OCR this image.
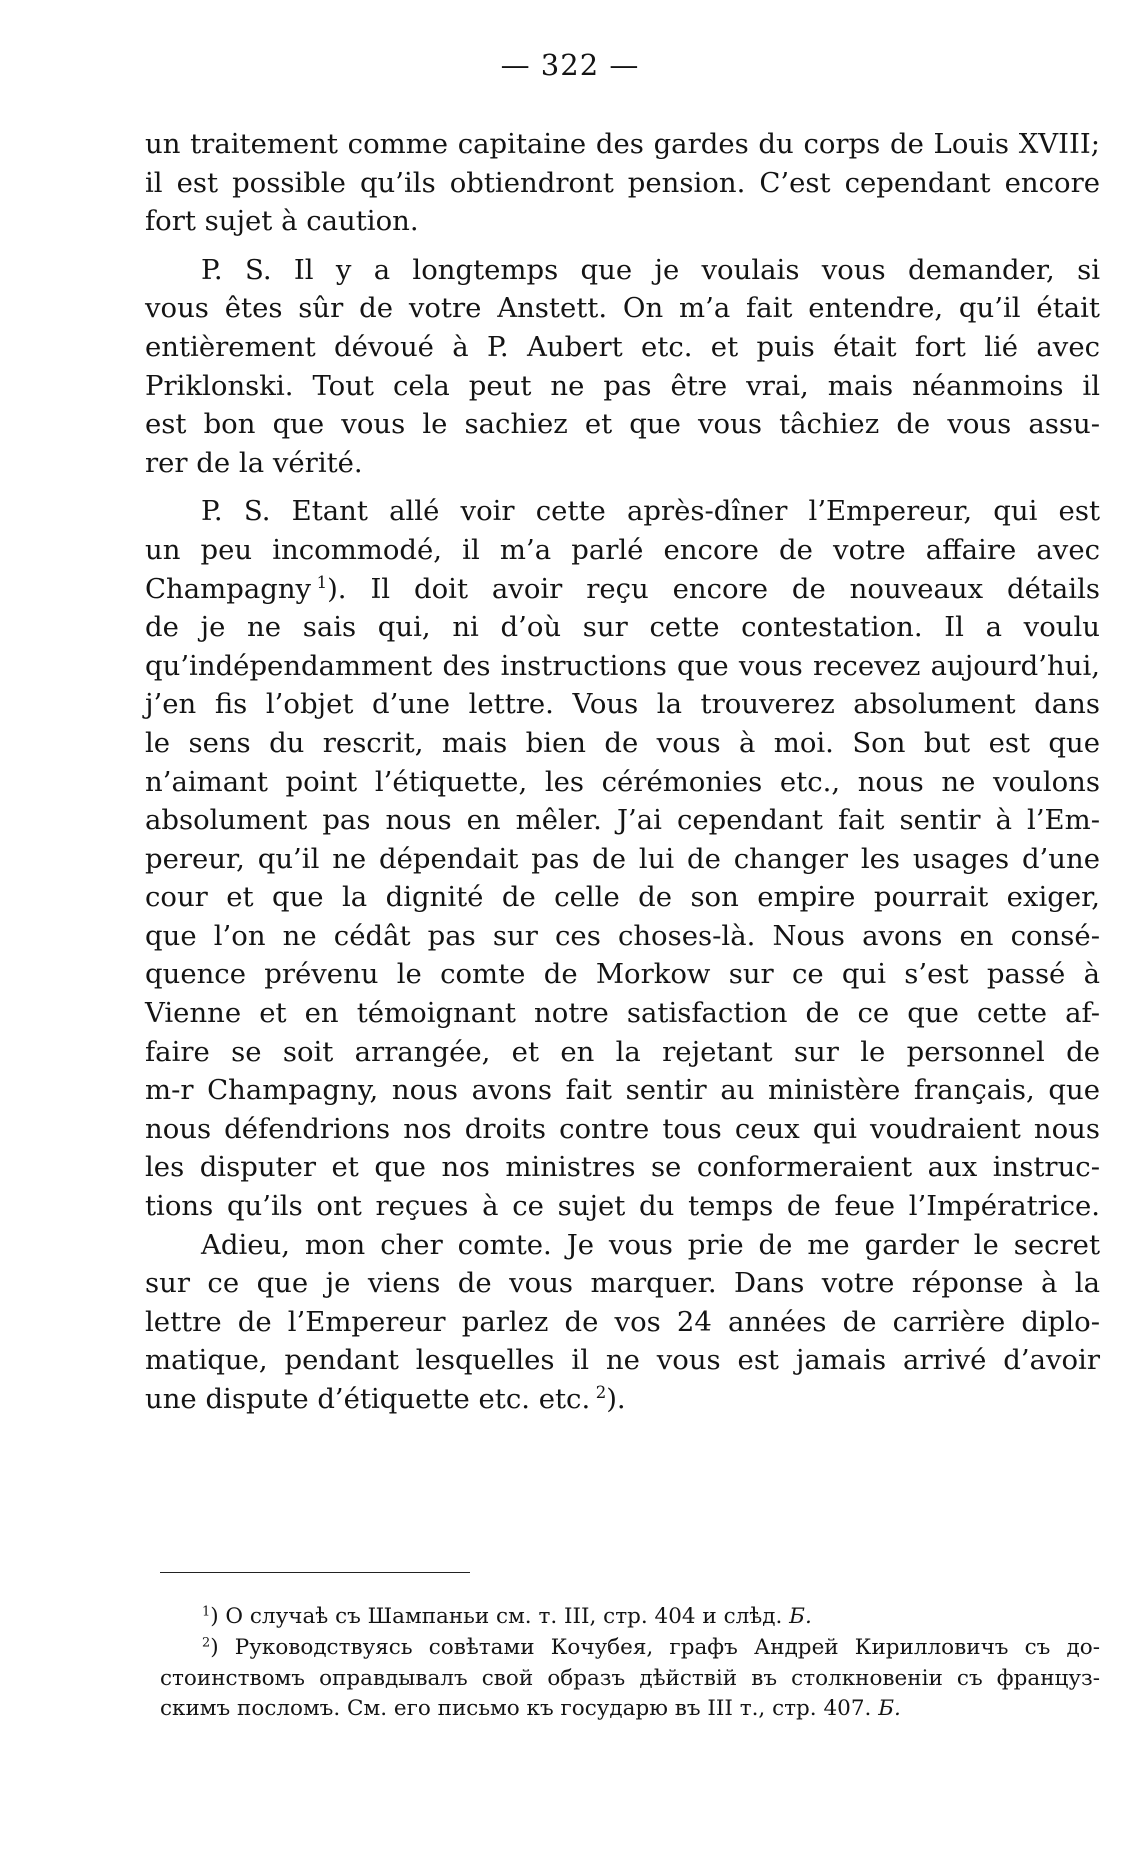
— 322 —
un traitement comme capitaine des gardes du corps de Louis XVIII;
il est possible qu’ils obtiendront pension. C’est cependant encore
fort sujet à caution.
P. S. Il y a longtemps que je voulais vous demander, si
vous êtes sûr de votre Anstett. On m’a fait entendre, qu’il était
entièrement dévoué à P. Aubert etc. et puis était fort lié avec
Priklonski. Tout cela peut ne pas être vrai, mais néanmoins il
est bon que vous le sachiez et que vous tâchiez de vous assu-
rer de la vérité.
P. S. Etant allé voir cette après-dîner l’Empereur, qui est
un peu incommodé, il m’a parlé encore de votre affaire avec
Champagny  $^1$). Il doit avoir reçu encore de nouveaux détails
de je ne sais qui, ni d’où sur cette contestation. Il a voulu
qu’indépendamment des instructions que vous recevez aujourd’hui,
j’en fis l’objet d’une lettre. Vous la trouverez absolument dans
le sens du rescrit, mais bien de vous à moi. Son but est que
n’aimant point l’étiquette, les cérémonies etc., nous ne voulons
absolument pas nous en mêler. J’ai cependant fait sentir à l’Em-
pereur, qu’il ne dépendait pas de lui de changer les usages d’une
cour et que la dignité de celle de son empire pourrait exiger,
que l’on ne cédât pas sur ces choses-là. Nous avons en consé-
quence prévenu le comte de Morkow sur ce qui s’est passé à
Vienne et en témoignant notre satisfaction de ce que cette af-
faire se soit arrangée, et en la rejetant sur le personnel de
m-r Champagny, nous avons fait sentir au ministère français, que
nous défendrions nos droits contre tous ceux qui voudraient nous
les disputer et que nos ministres se conformeraient aux instruc-
tions qu’ils ont reçues à ce sujet du temps de feue l’Impératrice.
Adieu, mon cher comte. Je vous prie de me garder le secret
sur ce que je viens de vous marquer. Dans votre réponse à la
lettre de l’Empereur parlez de vos 24 années de carrière diplo-
matique, pendant lesquelles il ne vous est jamais arrivé d’avoir
une dispute d’étiquette etc. etc.  $^2$).
$^1$) О случаѣ съ Шампаньи см. т. III, стр. 404 и слѣд. Б.
$^2$) Руководствуясь совѣтами Кочубея, графъ Андрей Кирилловичъ съ до-
стоинствомъ оправдывалъ свой образъ дѣйствій въ столкновеніи съ француз-
скимъ посломъ. См. его письмо къ государю въ III т., стр. 407. Б.
